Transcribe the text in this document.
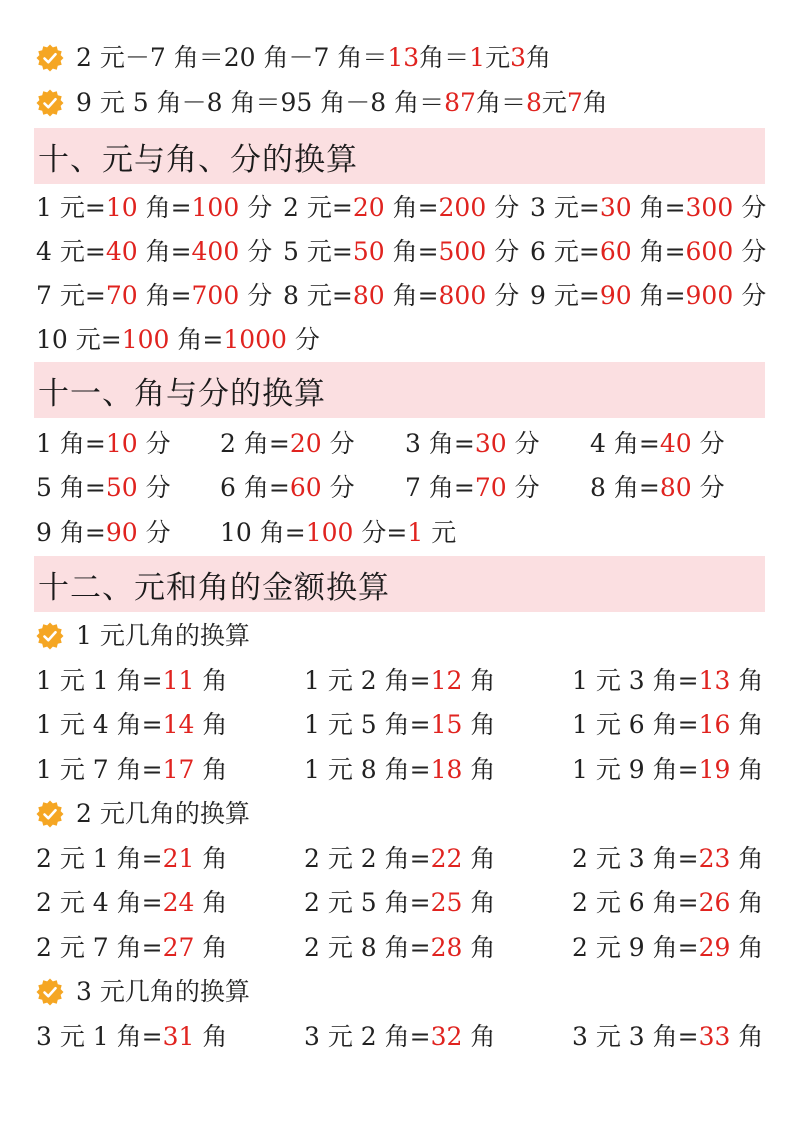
2 元－7 角＝20 角－7 角＝ 13 角＝ 1 元 3 角
9 元 5 角－8 角＝95 角－8 角＝ 87 角＝ 8 元 7 角
十、元与角、分的换算
1 元=10 角=100 分 2 元=20 角=200 分 3 元=30 角=300 分
4 元=40 角=400 分 5 元=50 角=500 分 6 元=60 角=600 分
7 元=70 角=700 分 8 元=80 角=800 分 9 元=90 角=900 分
10 元=100 角=1000 分
十一、角与分的换算
1 角=10 分 2 角=20 分 3 角=30 分 4 角=40 分
5 角=50 分 6 角=60 分 7 角=70 分 8 角=80 分
9 角=90 分 10 角=100 分=1 元
十二、元和角的金额换算
1 元几角的换算
1 元 1 角=11 角	1 元 2 角=12 角	1 元 3 角=13 角
1 元 4 角=14 角	1 元 5 角=15 角	1 元 6 角=16 角
1 元 7 角=17 角	1 元 8 角=18 角	1 元 9 角=19 角
2 元几角的换算
2 元 1 角=21 角	2 元 2 角=22 角	2 元 3 角=23 角
2 元 4 角=24 角	2 元 5 角=25 角	2 元 6 角=26 角
2 元 7 角=27 角	2 元 8 角=28 角	2 元 9 角=29 角
3 元几角的换算
3 元 1 角=31 角	3 元 2 角=32 角	3 元 3 角=33 角
